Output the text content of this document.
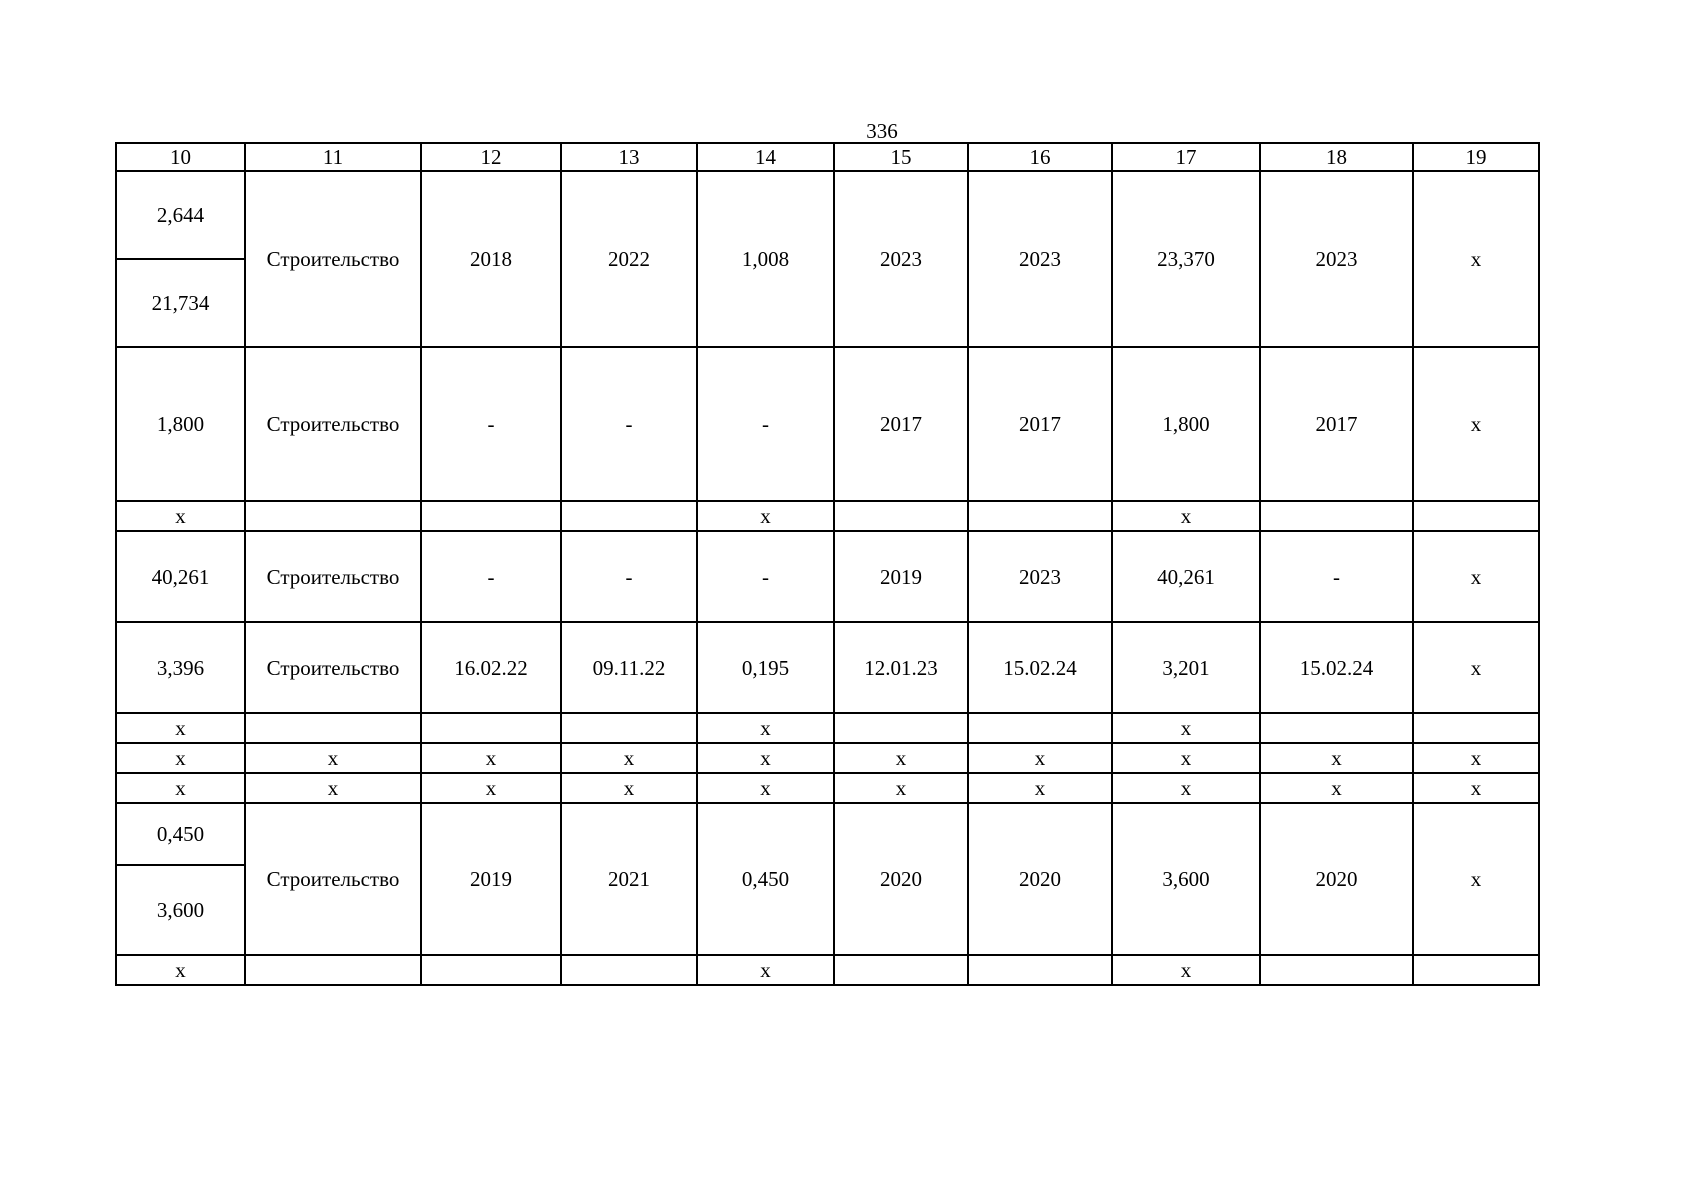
336
10	11	12	13	14	15	16	17	18	19
2,644	Строительство	2018	2022	1,008	2023	2023	23,370	2023	x
21,734									
1,800	Строительство	-	-	-	2017	2017	1,800	2017	x
x				x			x		
40,261	Строительство	-	-	-	2019	2023	40,261	-	x
3,396	Строительство	16.02.22	09.11.22	0,195	12.01.23	15.02.24	3,201	15.02.24	x
x				x			x		
x	x	x	x	x	x	x	x	x	x
x	x	x	x	x	x	x	x	x	x
0,450	Строительство	2019	2021	0,450	2020	2020	3,600	2020	x
3,600									
x				x			x		
